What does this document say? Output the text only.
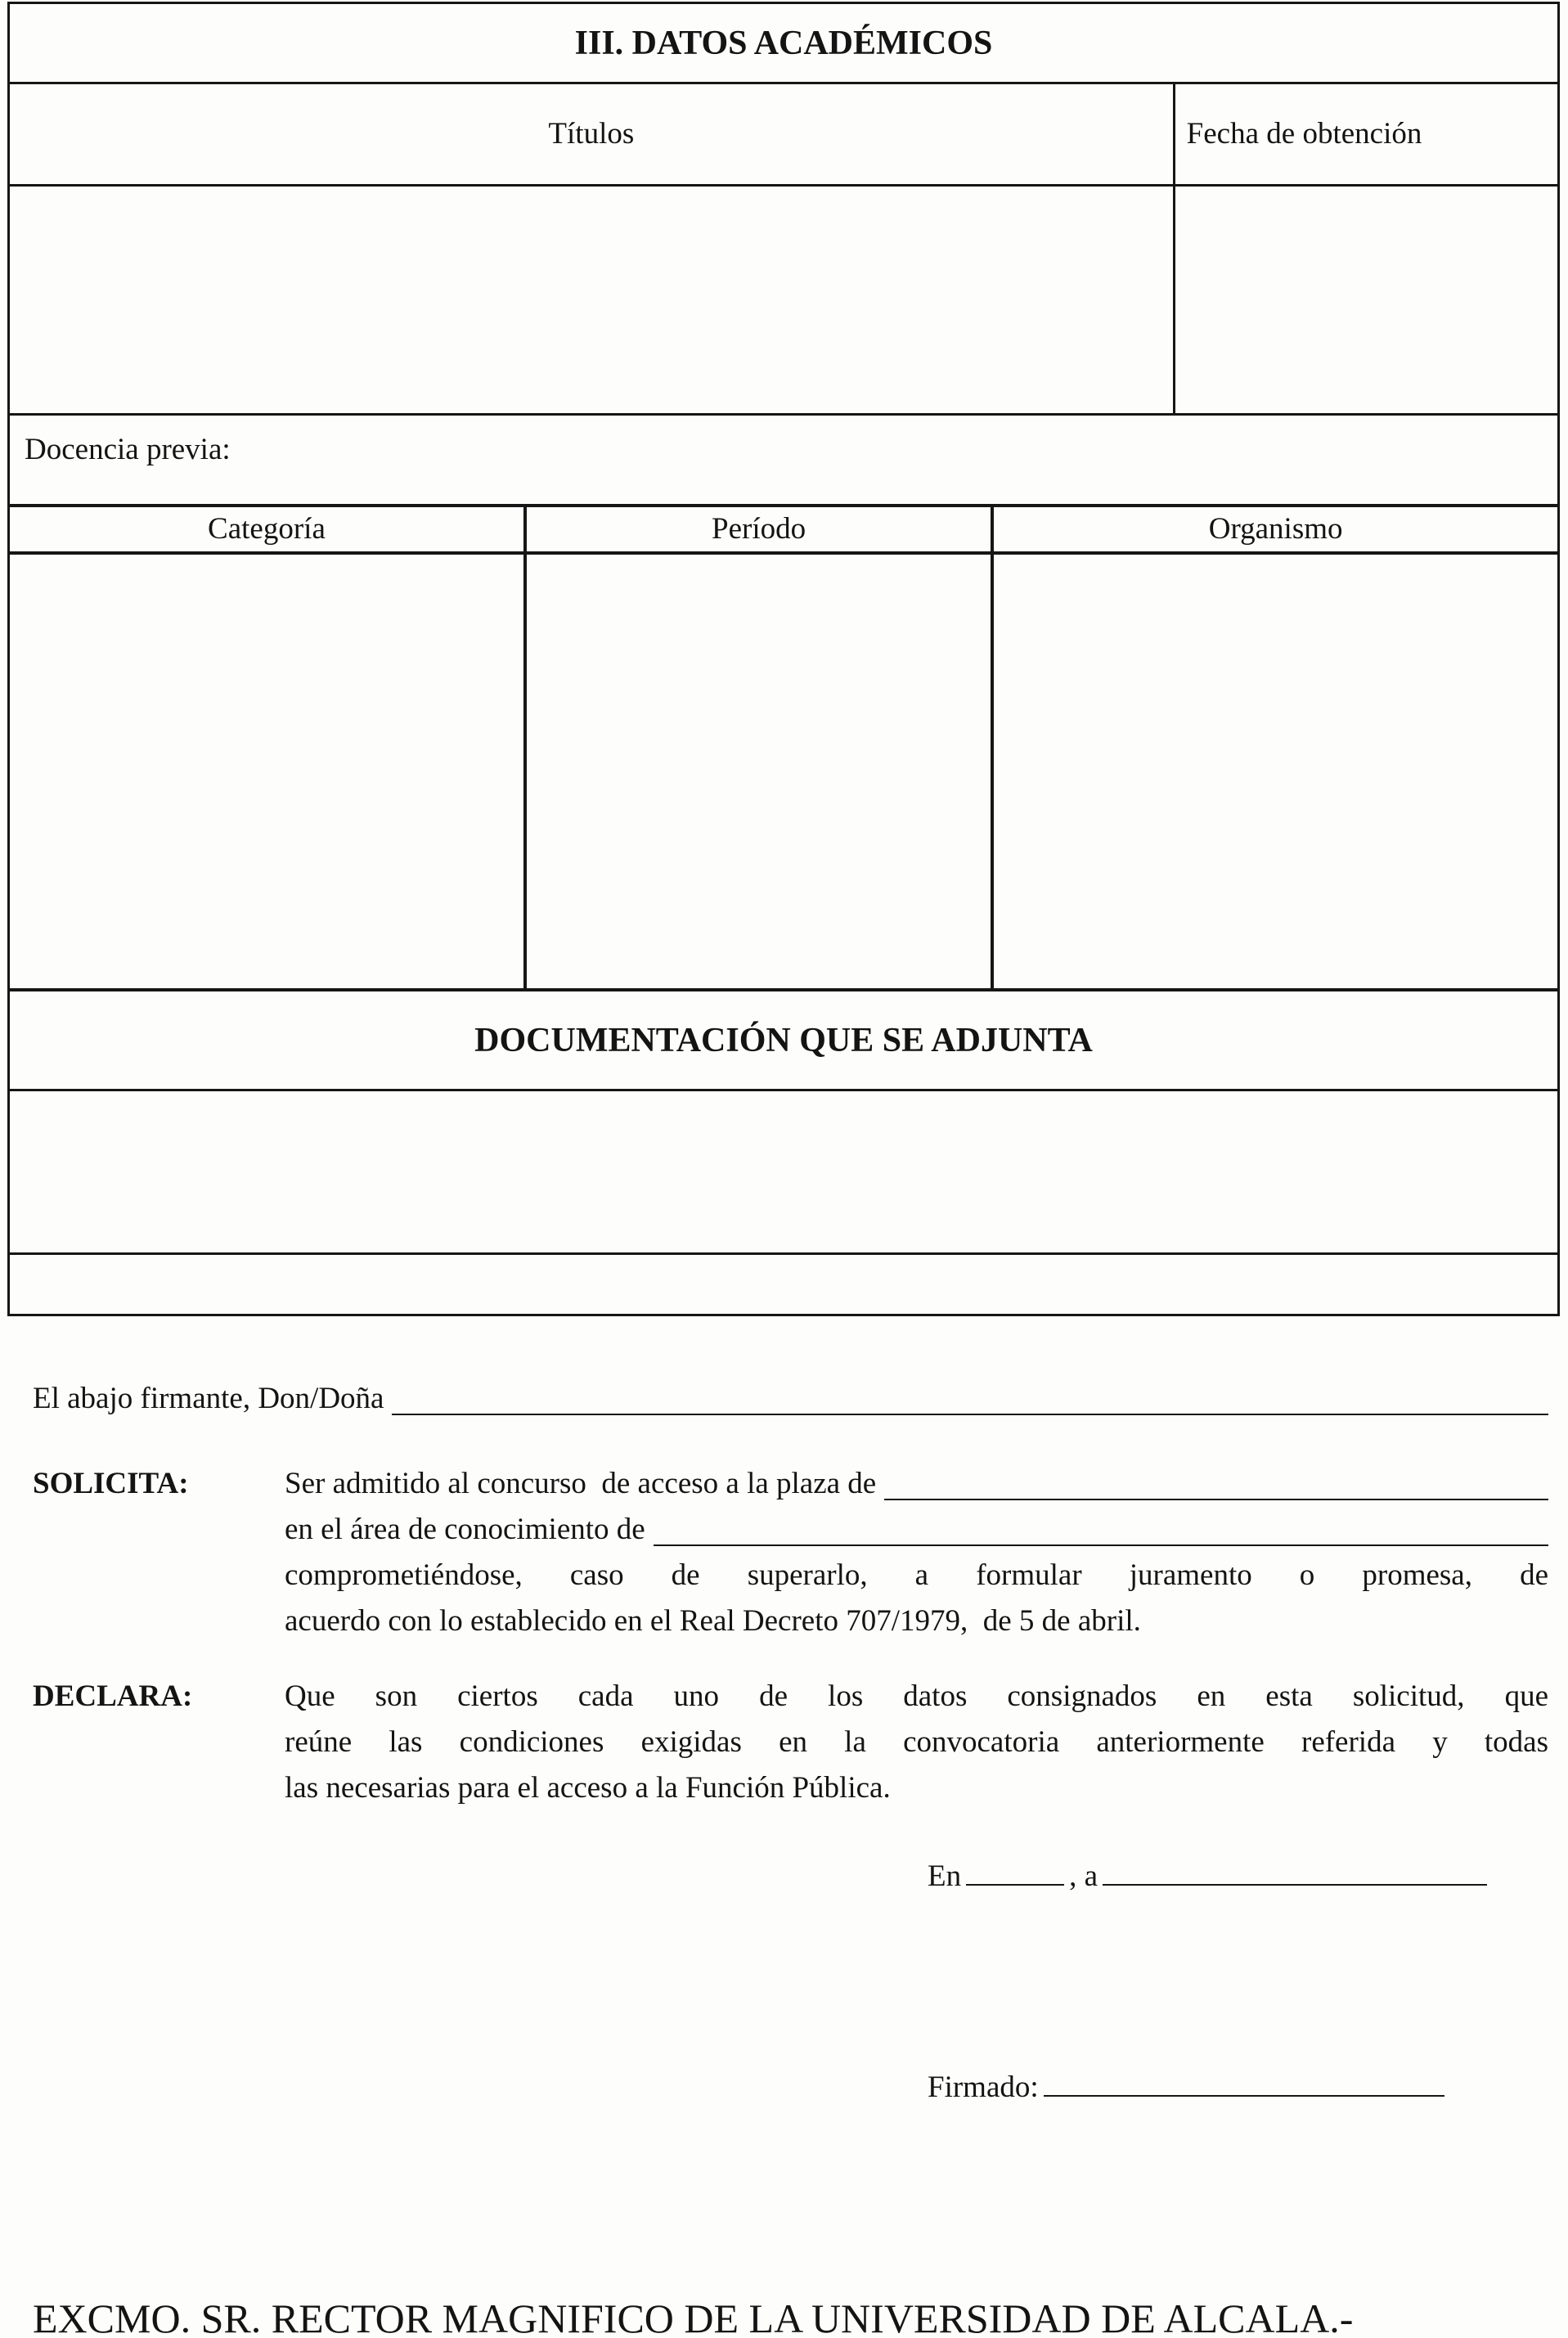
III. DATOS ACADÉMICOS
Títulos	Fecha de obtención
Docencia previa:
Categoría	Período	Organismo
DOCUMENTACIÓN QUE SE ADJUNTA
El abajo firmante, Don/Doña
SOLICITA:	Ser admitido al concurso  de acceso a la plaza de
en el área de conocimiento de
comprometiéndose, caso de superarlo, a formular juramento o promesa, de
acuerdo con lo establecido en el Real Decreto 707/1979,  de 5 de abril.
DECLARA:	Que son ciertos cada uno de los datos consignados en esta solicitud, que
reúne las condiciones exigidas en la convocatoria anteriormente referida y todas
las necesarias para el acceso a la Función Pública.
En	, a
Firmado:
EXCMO. SR. RECTOR MAGNIFICO DE LA UNIVERSIDAD DE ALCALA.-
